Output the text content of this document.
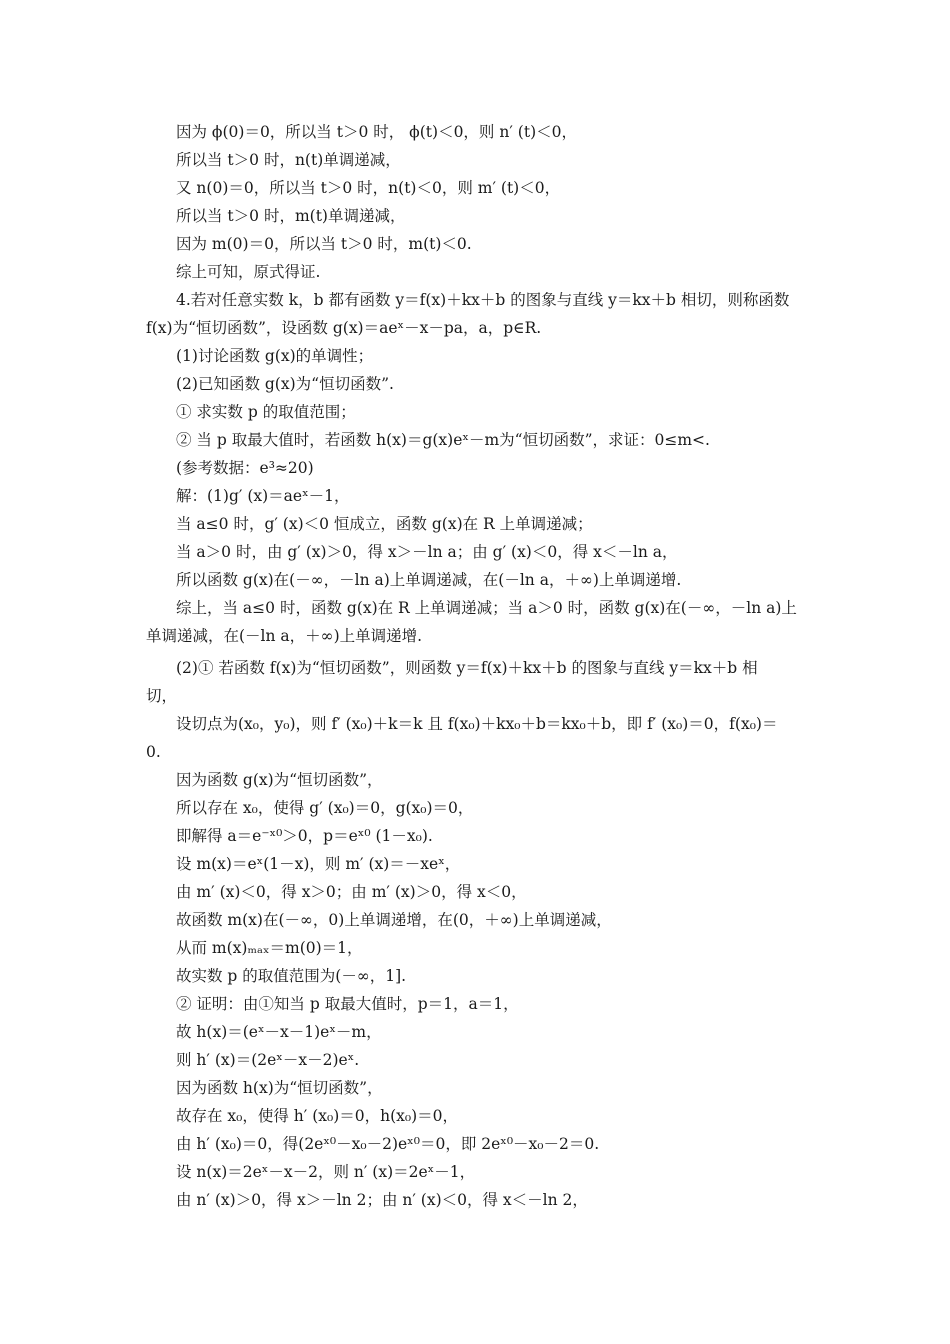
因为 ϕ(0)＝0，所以当 t＞0 时， ϕ(t)＜0，则 n′ (t)＜0，
所以当 t＞0 时，n(t)单调递减，
又 n(0)＝0，所以当 t＞0 时，n(t)＜0，则 m′ (t)＜0，
所以当 t＞0 时，m(t)单调递减，
因为 m(0)＝0，所以当 t＞0 时，m(t)＜0.
综上可知，原式得证.
4.若对任意实数 k，b 都有函数 y＝f(x)＋kx＋b 的图象与直线 y＝kx＋b 相切，则称函数
f(x)为“恒切函数”，设函数 g(x)＝aeˣ－x－pa，a，p∈R.
(1)讨论函数 g(x)的单调性；
(2)已知函数 g(x)为“恒切函数”.
① 求实数 p 的取值范围；
② 当 p 取最大值时，若函数 h(x)＝g(x)eˣ－m为“恒切函数”，求证：0≤m<.
(参考数据：e³≈20)
解：(1)g′ (x)＝aeˣ－1，
当 a≤0 时，g′ (x)＜0 恒成立，函数 g(x)在 R 上单调递减；
当 a＞0 时，由 g′ (x)＞0，得 x＞－ln a；由 g′ (x)＜0，得 x＜－ln a，
所以函数 g(x)在(－∞，－ln a)上单调递减，在(－ln a，＋∞)上单调递增.
综上，当 a≤0 时，函数 g(x)在 R 上单调递减；当 a＞0 时，函数 g(x)在(－∞，－ln a)上
单调递减，在(－ln a，＋∞)上单调递增.
(2)① 若函数 f(x)为“恒切函数”，则函数 y＝f(x)＋kx＋b 的图象与直线 y＝kx＋b 相
切，
设切点为(x₀，y₀)，则 f′ (x₀)＋k＝k 且 f(x₀)＋kx₀＋b＝kx₀＋b，即 f′ (x₀)＝0，f(x₀)＝
0.
因为函数 g(x)为“恒切函数”，
所以存在 x₀，使得 g′ (x₀)＝0，g(x₀)＝0，
即解得 a＝e⁻ˣ⁰＞0，p＝eˣ⁰ (1－x₀).
设 m(x)＝eˣ(1－x)，则 m′ (x)＝－xeˣ，
由 m′ (x)＜0，得 x＞0；由 m′ (x)＞0，得 x＜0，
故函数 m(x)在(－∞，0)上单调递增，在(0，＋∞)上单调递减，
从而 m(x)ₘₐₓ＝m(0)＝1，
故实数 p 的取值范围为(－∞，1].
② 证明：由①知当 p 取最大值时，p＝1，a＝1，
故 h(x)＝(eˣ－x－1)eˣ－m，
则 h′ (x)＝(2eˣ－x－2)eˣ.
因为函数 h(x)为“恒切函数”，
故存在 x₀，使得 h′ (x₀)＝0，h(x₀)＝0，
由 h′ (x₀)＝0，得(2eˣ⁰－x₀－2)eˣ⁰＝0，即 2eˣ⁰－x₀－2＝0.
设 n(x)＝2eˣ－x－2，则 n′ (x)＝2eˣ－1，
由 n′ (x)＞0，得 x＞－ln 2；由 n′ (x)＜0，得 x＜－ln 2，
